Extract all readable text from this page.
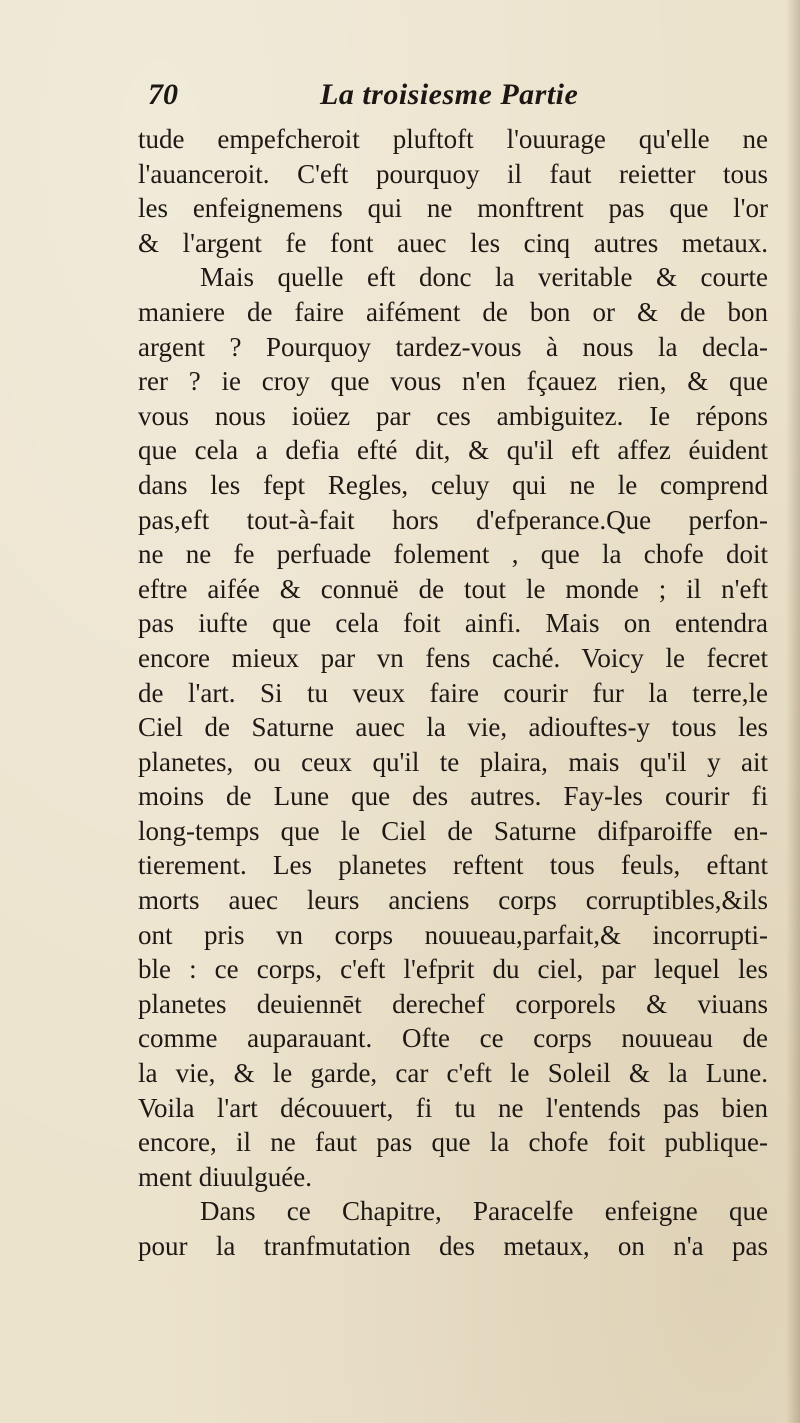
70	La troisiesme Partie
tude empefcheroit pluftoft l'ouurage qu'elle ne
l'auanceroit. C'eft pourquoy il faut reietter tous
les enfeignemens qui ne monftrent pas que l'or
& l'argent fe font auec les cinq autres metaux.
Mais quelle eft donc la veritable & courte
maniere de faire aifément de bon or & de bon
argent ? Pourquoy tardez-vous à nous la decla-
rer ? ie croy que vous n'en fçauez rien, & que
vous nous ioüez par ces ambiguitez. Ie répons
que cela a defia efté dit, & qu'il eft affez éuident
dans les fept Regles, celuy qui ne le comprend
pas,eft tout-à-fait hors d'efperance.Que perfon-
ne ne fe perfuade folement , que la chofe doit
eftre aifée & connuë de tout le monde ; il n'eft
pas iufte que cela foit ainfi. Mais on entendra
encore mieux par vn fens caché. Voicy le fecret
de l'art. Si tu veux faire courir fur la terre,le
Ciel de Saturne auec la vie, adiouftes-y tous les
planetes, ou ceux qu'il te plaira, mais qu'il y ait
moins de Lune que des autres. Fay-les courir fi
long-temps que le Ciel de Saturne difparoiffe en-
tierement. Les planetes reftent tous feuls, eftant
morts auec leurs anciens corps corruptibles,&ils
ont pris vn corps nouueau,parfait,& incorrupti-
ble : ce corps, c'eft l'efprit du ciel, par lequel les
planetes deuiennēt derechef corporels & viuans
comme auparauant. Ofte ce corps nouueau de
la vie, & le garde, car c'eft le Soleil & la Lune.
Voila l'art découuert, fi tu ne l'entends pas bien
encore, il ne faut pas que la chofe foit publique-
ment diuulguée.
Dans ce Chapitre, Paracelfe enfeigne que
pour la tranfmutation des metaux, on n'a pas
